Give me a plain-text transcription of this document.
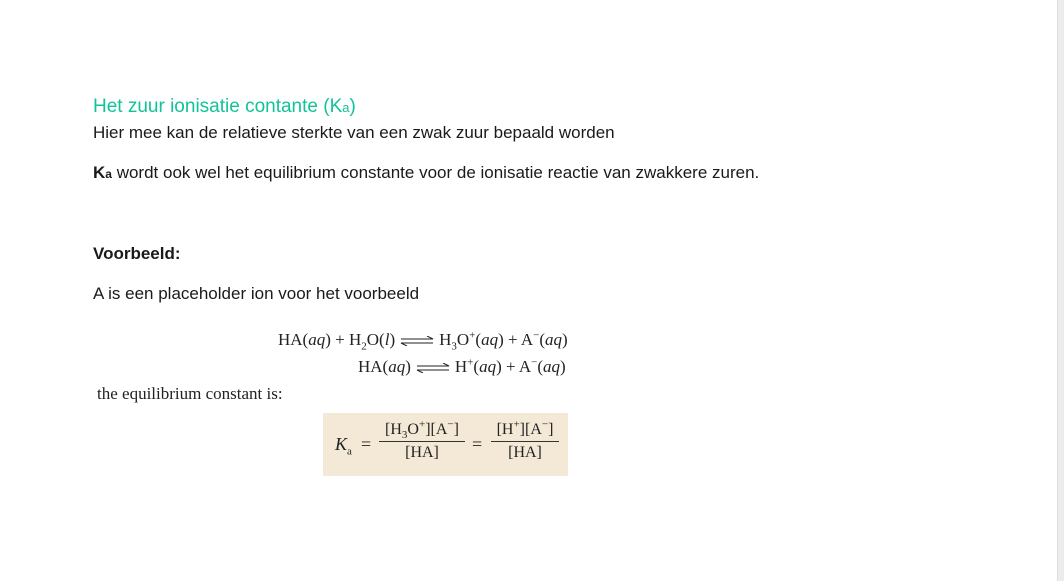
Het zuur ionisatie contante (Ka)
Hier mee kan de relatieve sterkte van een zwak zuur bepaald worden
Ka wordt ook wel het equilibrium constante voor de ionisatie reactie van zwakkere zuren.
Voorbeeld:
A is een placeholder ion voor het voorbeeld
$HA(aq) + H_2O(l)$ ⇌ $H_3O^+(aq) + A^-(aq)$
HA(aq) ⇌ H+(aq) + A−(aq)
the equilibrium constant is:
$K_a = \frac{[H_3O^+][A^-]}{[HA]} = \frac{[H^+][A^-]}{[HA]}$
